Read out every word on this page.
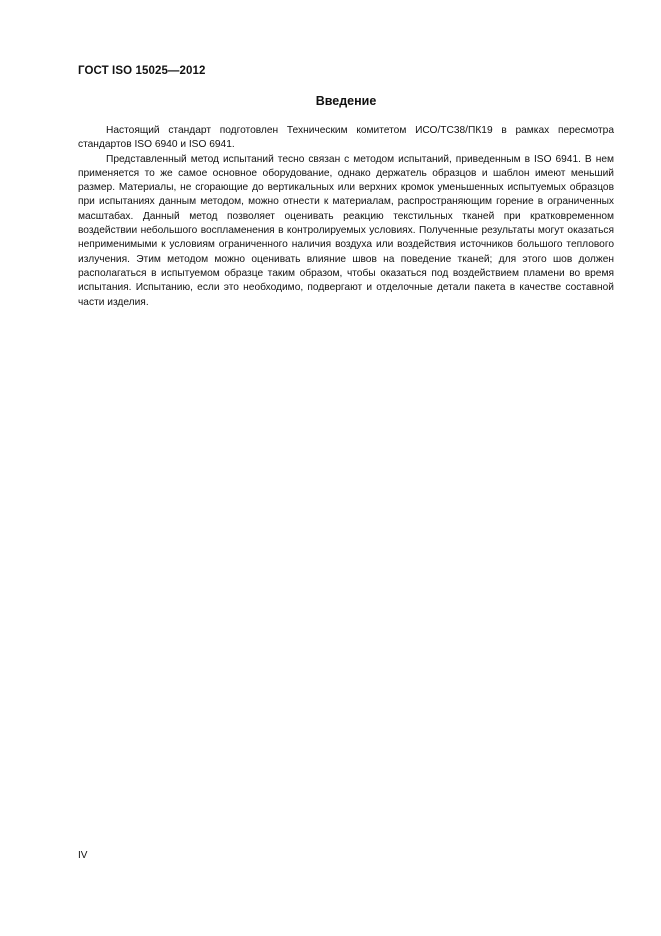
ГОСТ ISO 15025—2012
Введение

Настоящий стандарт подготовлен Техническим комитетом ИСО/ТС38/ПК19 в рамках пересмотра стандартов ISO 6940 и ISO 6941.

Представленный метод испытаний тесно связан с методом испытаний, приведенным в ISO 6941. В нем применяется то же самое основное оборудование, однако держатель образцов и шаблон имеют меньший размер. Материалы, не сгорающие до вертикальных или верхних кромок уменьшенных испытуемых образцов при испытаниях данным методом, можно отнести к материалам, распространяющим горение в ограниченных масштабах. Данный метод позволяет оценивать реакцию текстильных тканей при кратковременном воздействии небольшого воспламенения в контролируемых условиях. Полученные результаты могут оказаться неприменимыми к условиям ограниченного наличия воздуха или воздействия источников большого теплового излучения. Этим методом можно оценивать влияние швов на поведение тканей; для этого шов должен располагаться в испытуемом образце таким образом, чтобы оказаться под воздействием пламени во время испытания. Испытанию, если это необходимо, подвергают и отделочные детали пакета в качестве составной части изделия.

IV
